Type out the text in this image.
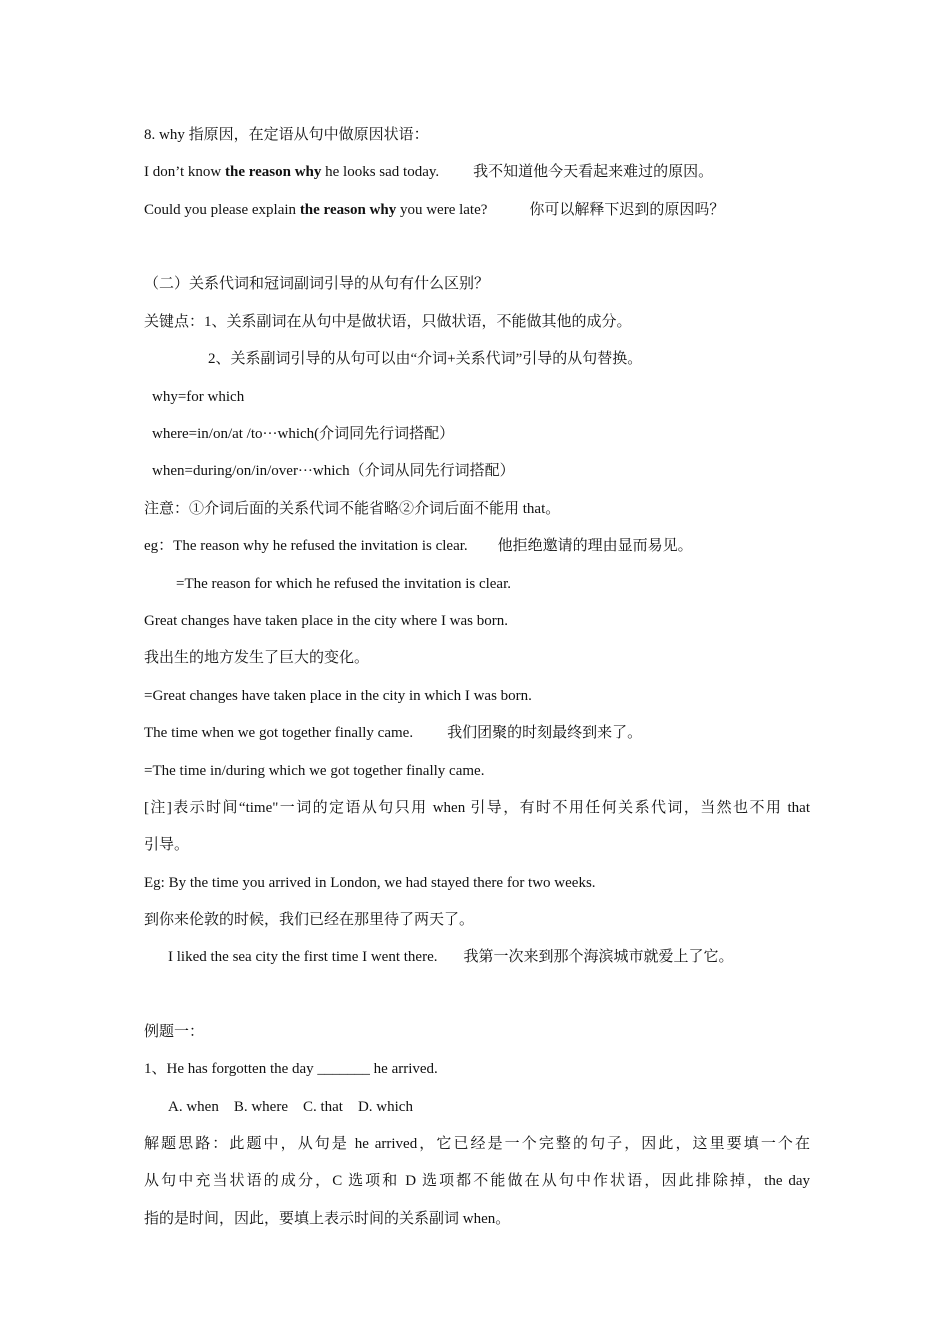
8. why 指原因，在定语从句中做原因状语：
I don’t know the reason why he looks sad today. 我不知道他今天看起来难过的原因。
Could you please explain the reason why you were late?	你可以解释下迟到的原因吗？
（二）关系代词和冠词副词引导的从句有什么区别？
关键点：1、关系副词在从句中是做状语，只做状语，不能做其他的成分。
2、关系副词引导的从句可以由“介词+关系代词”引导的从句替换。
why=for which
where=in/on/at /to···which(介词同先行词搭配）
when=during/on/in/over···which（介词从同先行词搭配）
注意：①介词后面的关系代词不能省略②介词后面不能用 that。
eg：The reason why he refused the invitation is clear. 他拒绝邀请的理由显而易见。
=The reason for which he refused the invitation is clear.
Great changes have taken place in the city where I was born.
我出生的地方发生了巨大的变化。
=Great changes have taken place in the city in which I was born.
The time when we got together finally came. 我们团聚的时刻最终到来了。
=The time in/during which we got together finally came.
[注]表示时间“time"一词的定语从句只用 when 引导，有时不用任何关系代词，当然也不用 that
引导。
Eg: By the time you arrived in London, we had stayed there for two weeks.
到你来伦敦的时候，我们已经在那里待了两天了。
I liked the sea city the first time I went there. 我第一次来到那个海滨城市就爱上了它。
例题一：
1、He has forgotten the day _______ he arrived.
A. when    B. where    C. that    D. which
解题思路：此题中，从句是 he arrived，它已经是一个完整的句子，因此，这里要填一个在
从句中充当状语的成分，C 选项和 D 选项都不能做在从句中作状语，因此排除掉，the day
指的是时间，因此，要填上表示时间的关系副词 when。
